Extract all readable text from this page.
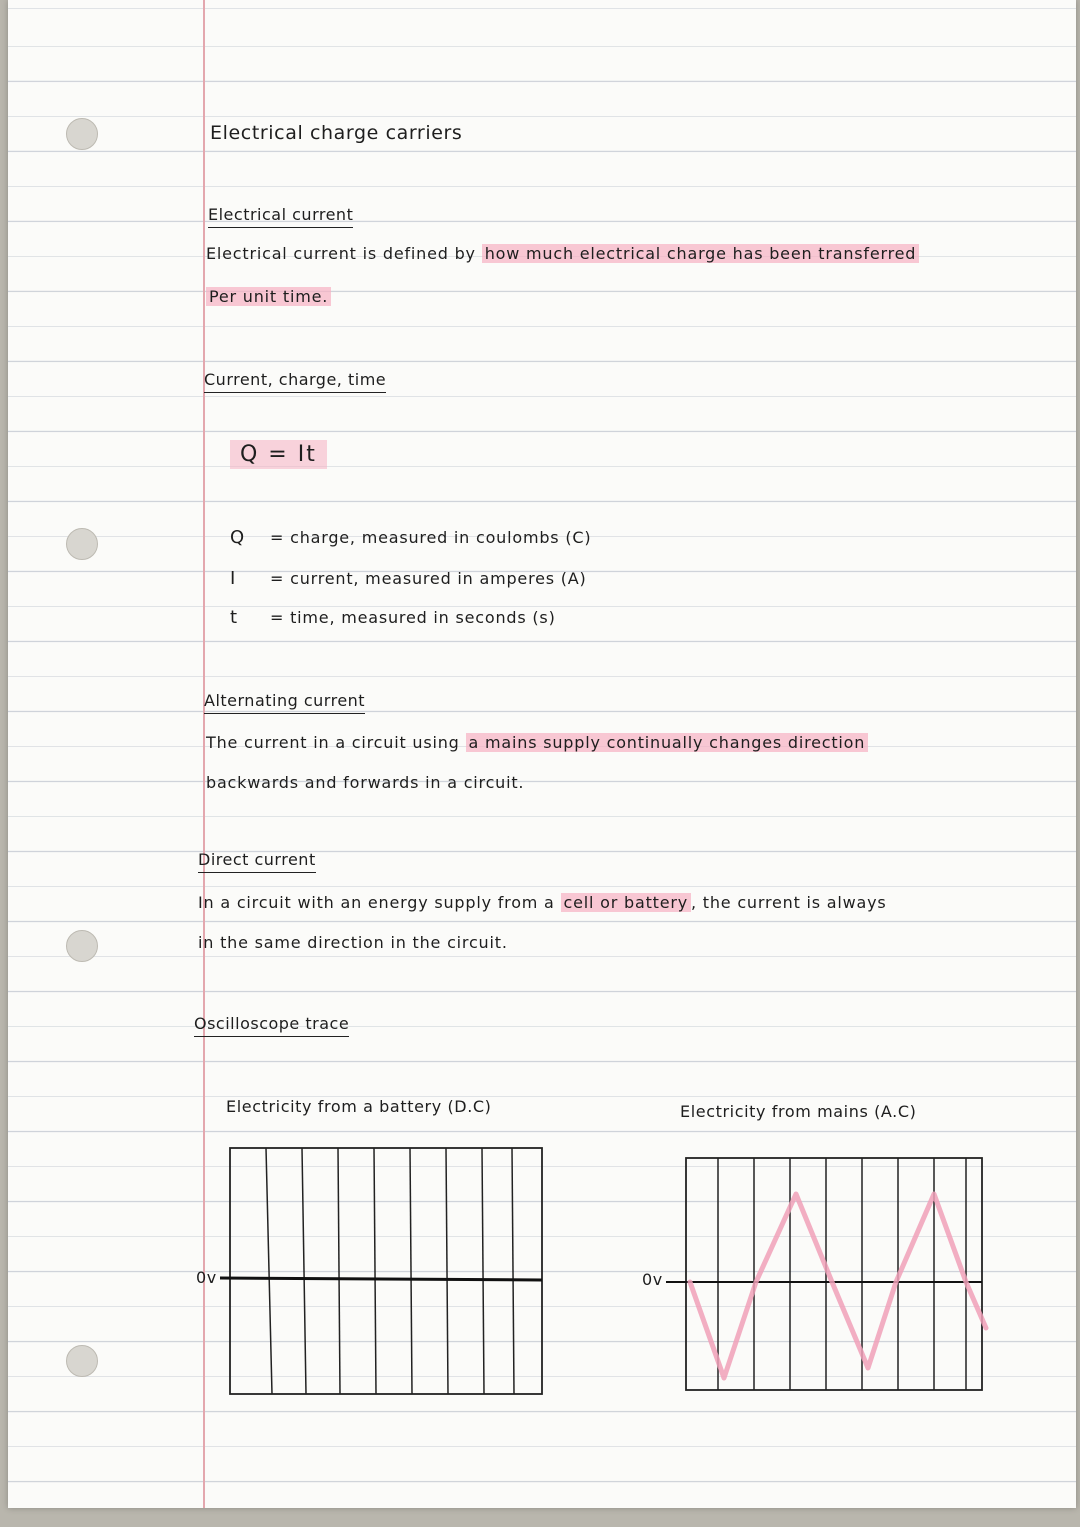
Electrical charge carriers
Electrical current
Electrical current is defined by how much electrical charge has been transferred
Per unit time.
Current, charge, time
Q = It
Q = charge, measured in coulombs (C)
I = current, measured in amperes (A)
t = time, measured in seconds (s)
Alternating current
The current in a circuit using a mains supply continually changes direction
backwards and forwards in a circuit.
Direct current
In a circuit with an energy supply from a cell or battery , the current is always
in the same direction in the circuit.
Oscilloscope trace
Electricity from a battery (D.C)	Electricity from mains (A.C)
0v	0v
